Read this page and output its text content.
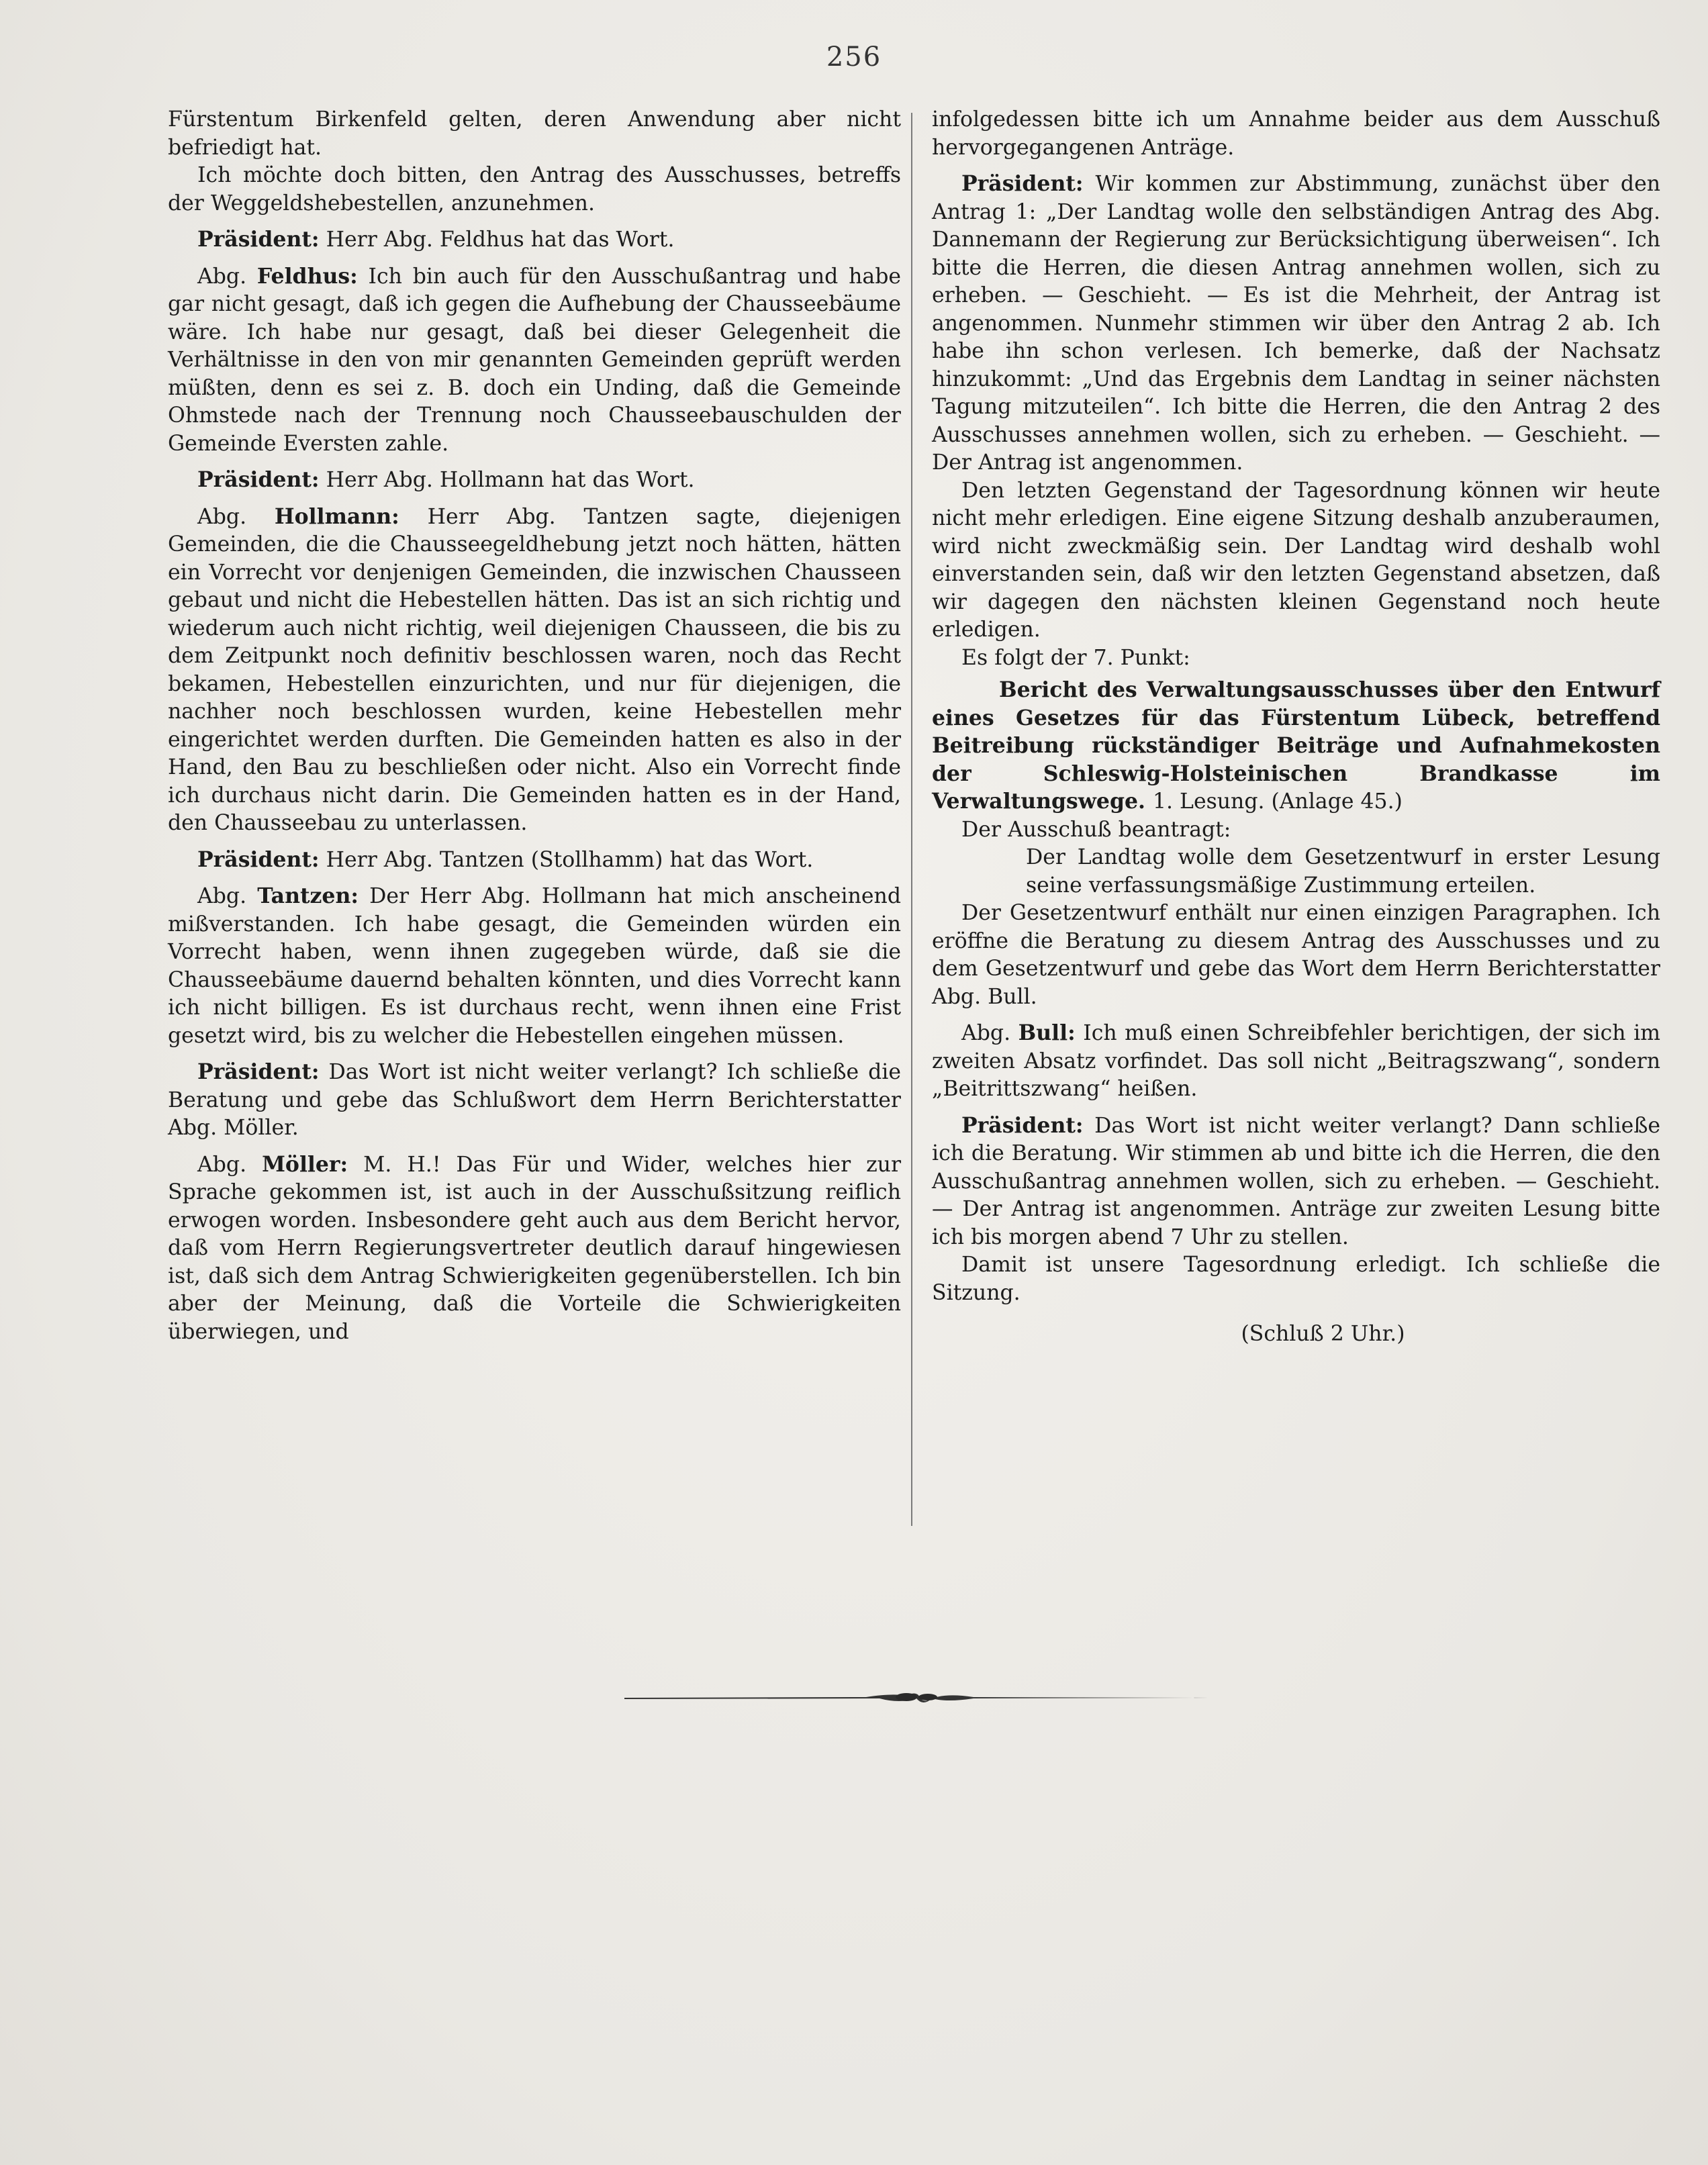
256

Fürstentum Birkenfeld gelten, deren Anwendung aber nicht befriedigt hat.

Ich möchte doch bitten, den Antrag des Ausschusses, betreffs der Weggeldshebestellen, anzunehmen.

Präsident: Herr Abg. Feldhus hat das Wort.

Abg. Feldhus: Ich bin auch für den Ausschußantrag und habe gar nicht gesagt, daß ich gegen die Aufhebung der Chausseebäume wäre. Ich habe nur gesagt, daß bei dieser Gelegenheit die Verhältnisse in den von mir genannten Gemeinden geprüft werden müßten, denn es sei z. B. doch ein Unding, daß die Gemeinde Ohmstede nach der Trennung noch Chausseebauschulden der Gemeinde Eversten zahle.

Präsident: Herr Abg. Hollmann hat das Wort.

Abg. Hollmann: Herr Abg. Tantzen sagte, diejenigen Gemeinden, die die Chausseegeldhebung jetzt noch hätten, hätten ein Vorrecht vor denjenigen Gemeinden, die inzwischen Chausseen gebaut und nicht die Hebestellen hätten. Das ist an sich richtig und wiederum auch nicht richtig, weil diejenigen Chausseen, die bis zu dem Zeitpunkt noch definitiv beschlossen waren, noch das Recht bekamen, Hebestellen einzurichten, und nur für diejenigen, die nachher noch beschlossen wurden, keine Hebestellen mehr eingerichtet werden durften. Die Gemeinden hatten es also in der Hand, den Bau zu beschließen oder nicht. Also ein Vorrecht finde ich durchaus nicht darin. Die Gemeinden hatten es in der Hand, den Chausseebau zu unterlassen.

Präsident: Herr Abg. Tantzen (Stollhamm) hat das Wort.

Abg. Tantzen: Der Herr Abg. Hollmann hat mich anscheinend mißverstanden. Ich habe gesagt, die Gemeinden würden ein Vorrecht haben, wenn ihnen zugegeben würde, daß sie die Chausseebäume dauernd behalten könnten, und dies Vorrecht kann ich nicht billigen. Es ist durchaus recht, wenn ihnen eine Frist gesetzt wird, bis zu welcher die Hebestellen eingehen müssen.

Präsident: Das Wort ist nicht weiter verlangt? Ich schließe die Beratung und gebe das Schlußwort dem Herrn Berichterstatter Abg. Möller.

Abg. Möller: M. H.! Das Für und Wider, welches hier zur Sprache gekommen ist, ist auch in der Ausschußsitzung reiflich erwogen worden. Insbesondere geht auch aus dem Bericht hervor, daß vom Herrn Regierungsvertreter deutlich darauf hingewiesen ist, daß sich dem Antrag Schwierigkeiten gegenüberstellen. Ich bin aber der Meinung, daß die Vorteile die Schwierigkeiten überwiegen, und

infolgedessen bitte ich um Annahme beider aus dem Ausschuß hervorgegangenen Anträge.

Präsident: Wir kommen zur Abstimmung, zunächst über den Antrag 1: „Der Landtag wolle den selbständigen Antrag des Abg. Dannemann der Regierung zur Berücksichtigung überweisen“. Ich bitte die Herren, die diesen Antrag annehmen wollen, sich zu erheben. — Geschieht. — Es ist die Mehrheit, der Antrag ist angenommen. Nunmehr stimmen wir über den Antrag 2 ab. Ich habe ihn schon verlesen. Ich bemerke, daß der Nachsatz hinzukommt: „Und das Ergebnis dem Landtag in seiner nächsten Tagung mitzuteilen“. Ich bitte die Herren, die den Antrag 2 des Ausschusses annehmen wollen, sich zu erheben. — Geschieht. — Der Antrag ist angenommen.

Den letzten Gegenstand der Tagesordnung können wir heute nicht mehr erledigen. Eine eigene Sitzung deshalb anzuberaumen, wird nicht zweckmäßig sein. Der Landtag wird deshalb wohl einverstanden sein, daß wir den letzten Gegenstand absetzen, daß wir dagegen den nächsten kleinen Gegenstand noch heute erledigen.

Es folgt der 7. Punkt:

Bericht des Verwaltungsausschusses über den Entwurf eines Gesetzes für das Fürstentum Lübeck, betreffend Beitreibung rückständiger Beiträge und Aufnahmekosten der Schleswig-Holsteinischen Brandkasse im Verwaltungswege. 1. Lesung. (Anlage 45.)

Der Ausschuß beantragt:

Der Landtag wolle dem Gesetzentwurf in erster Lesung seine verfassungsmäßige Zustimmung erteilen.

Der Gesetzentwurf enthält nur einen einzigen Paragraphen. Ich eröffne die Beratung zu diesem Antrag des Ausschusses und zu dem Gesetzentwurf und gebe das Wort dem Herrn Berichterstatter Abg. Bull.

Abg. Bull: Ich muß einen Schreibfehler berichtigen, der sich im zweiten Absatz vorfindet. Das soll nicht „Beitragszwang“, sondern „Beitrittszwang“ heißen.

Präsident: Das Wort ist nicht weiter verlangt? Dann schließe ich die Beratung. Wir stimmen ab und bitte ich die Herren, die den Ausschußantrag annehmen wollen, sich zu erheben. — Geschieht. — Der Antrag ist angenommen. Anträge zur zweiten Lesung bitte ich bis morgen abend 7 Uhr zu stellen.

Damit ist unsere Tagesordnung erledigt. Ich schließe die Sitzung.

(Schluß 2 Uhr.)
